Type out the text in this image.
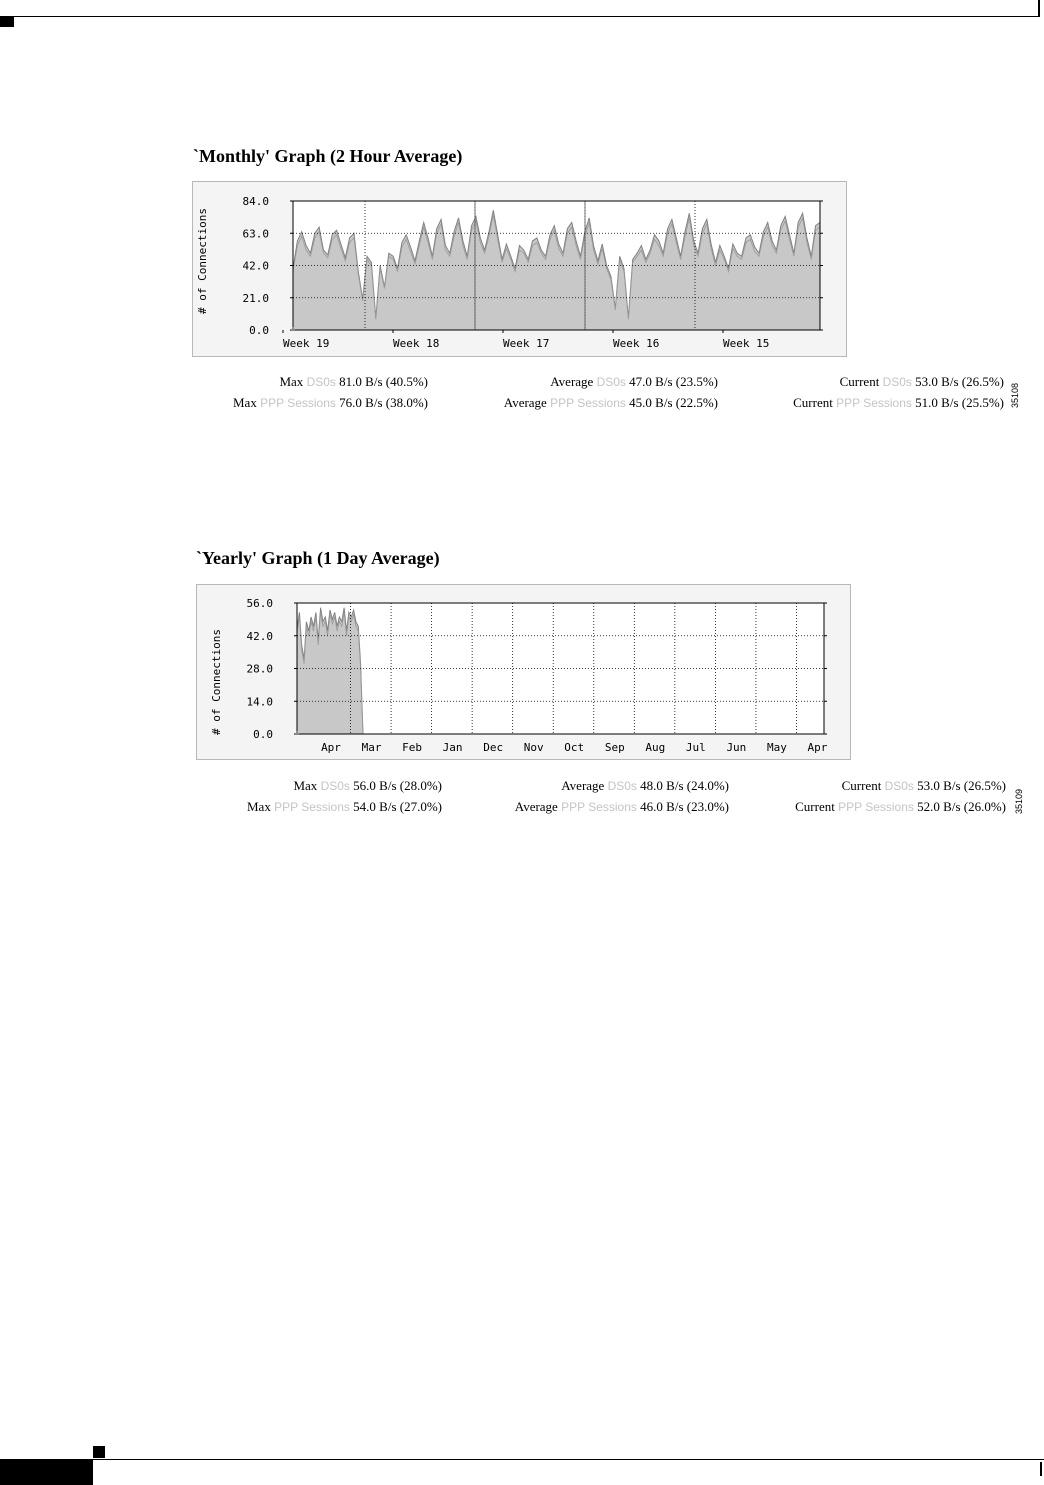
`Monthly' Graph (2 Hour Average)
84.0
63.0
42.0
21.0
0.0
Week 19	Week 18	Week 17	Week 16	Week 15
# of Connections
Max DS0s 81.0 B/s (40.5%)	Average DS0s 47.0 B/s (23.5%)	Current DS0s 53.0 B/s (26.5%)
Max PPP Sessions 76.0 B/s (38.0%)	Average PPP Sessions 45.0 B/s (22.5%)	Current PPP Sessions 51.0 B/s (25.5%) 35108
`Yearly' Graph (1 Day Average)
56.0
42.0
28.0
14.0
0.0
Apr Mar Feb Jan Dec Nov Oct Sep Aug Jul Jun May Apr
# of Connections
Max DS0s 56.0 B/s (28.0%)	Average DS0s 48.0 B/s (24.0%)	Current DS0s 53.0 B/s (26.5%)
Max PPP Sessions 54.0 B/s (27.0%)	Average PPP Sessions 46.0 B/s (23.0%)	Current PPP Sessions 52.0 B/s (26.0%) 35109
